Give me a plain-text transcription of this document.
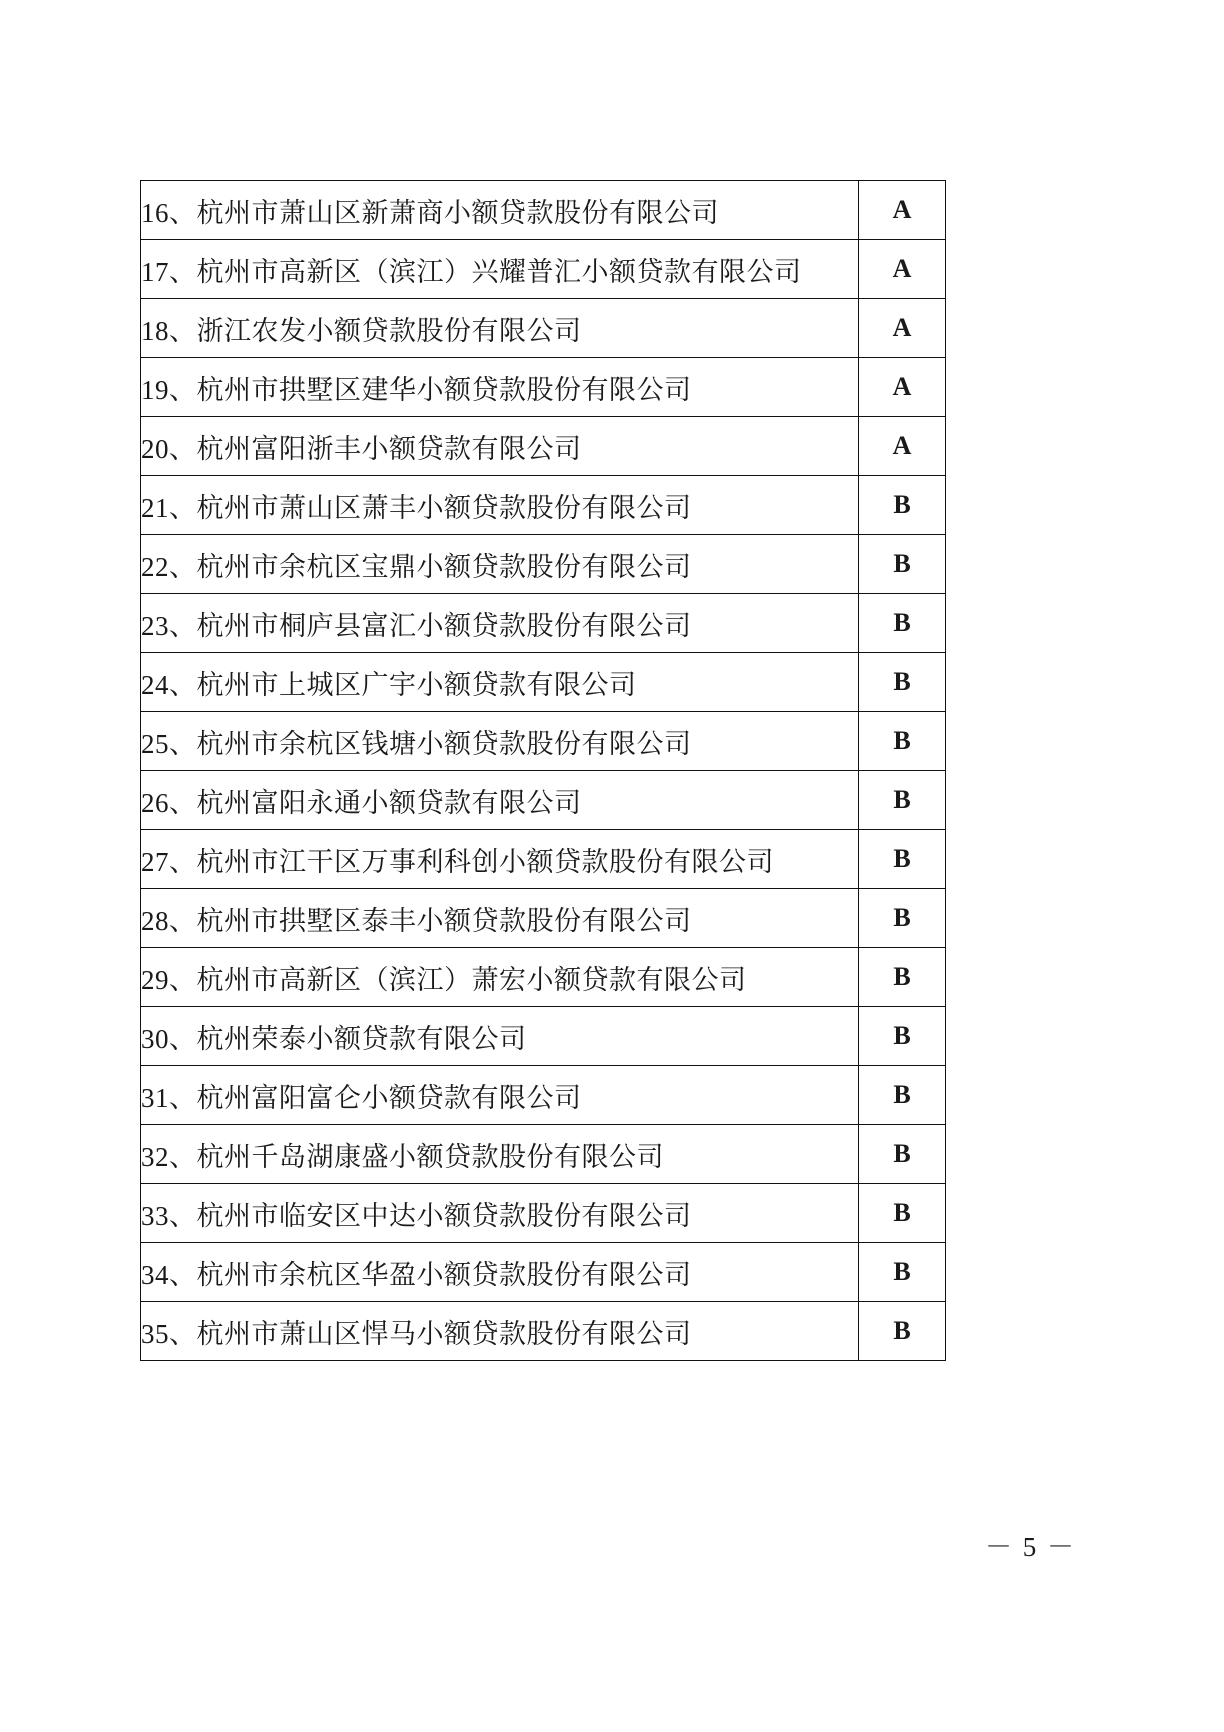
16、杭州市萧山区新萧商小额贷款股份有限公司	A
17、杭州市高新区（滨江）兴耀普汇小额贷款有限公司	A
18、浙江农发小额贷款股份有限公司	A
19、杭州市拱墅区建华小额贷款股份有限公司	A
20、杭州富阳浙丰小额贷款有限公司	A
21、杭州市萧山区萧丰小额贷款股份有限公司	B
22、杭州市余杭区宝鼎小额贷款股份有限公司	B
23、杭州市桐庐县富汇小额贷款股份有限公司	B
24、杭州市上城区广宇小额贷款有限公司	B
25、杭州市余杭区钱塘小额贷款股份有限公司	B
26、杭州富阳永通小额贷款有限公司	B
27、杭州市江干区万事利科创小额贷款股份有限公司	B
28、杭州市拱墅区泰丰小额贷款股份有限公司	B
29、杭州市高新区（滨江）萧宏小额贷款有限公司	B
30、杭州荣泰小额贷款有限公司	B
31、杭州富阳富仑小额贷款有限公司	B
32、杭州千岛湖康盛小额贷款股份有限公司	B
33、杭州市临安区中达小额贷款股份有限公司	B
34、杭州市余杭区华盈小额贷款股份有限公司	B
35、杭州市萧山区悍马小额贷款股份有限公司	B
－ 5 －
